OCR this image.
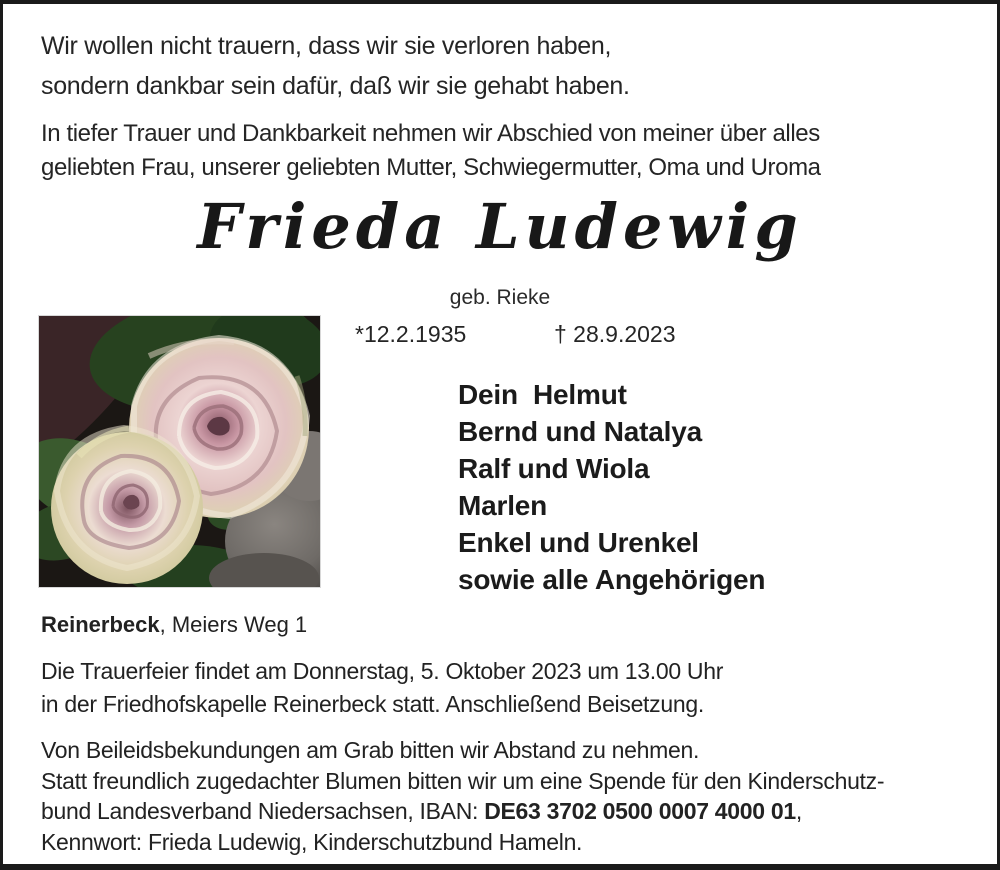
Wir wollen nicht trauern, dass wir sie verloren haben,
sondern dankbar sein dafür, daß wir sie gehabt haben.
In tiefer Trauer und Dankbarkeit nehmen wir Abschied von meiner über alles
geliebten Frau, unserer geliebten Mutter, Schwiegermutter, Oma und Uroma
Frieda Ludewig
geb. Rieke
*12.2.1935	† 28.9.2023
Dein  Helmut
Bernd und Natalya
Ralf und Wiola
Marlen
Enkel und Urenkel
sowie alle Angehörigen
Reinerbeck, Meiers Weg 1
Die Trauerfeier findet am Donnerstag, 5. Oktober 2023 um 13.00 Uhr
in der Friedhofskapelle Reinerbeck statt. Anschließend Beisetzung.
Von Beileidsbekundungen am Grab bitten wir Abstand zu nehmen.
Statt freundlich zugedachter Blumen bitten wir um eine Spende für den Kinderschutz-
bund Landesverband Niedersachsen, IBAN: DE63 3702 0500 0007 4000 01,
Kennwort: Frieda Ludewig, Kinderschutzbund Hameln.
